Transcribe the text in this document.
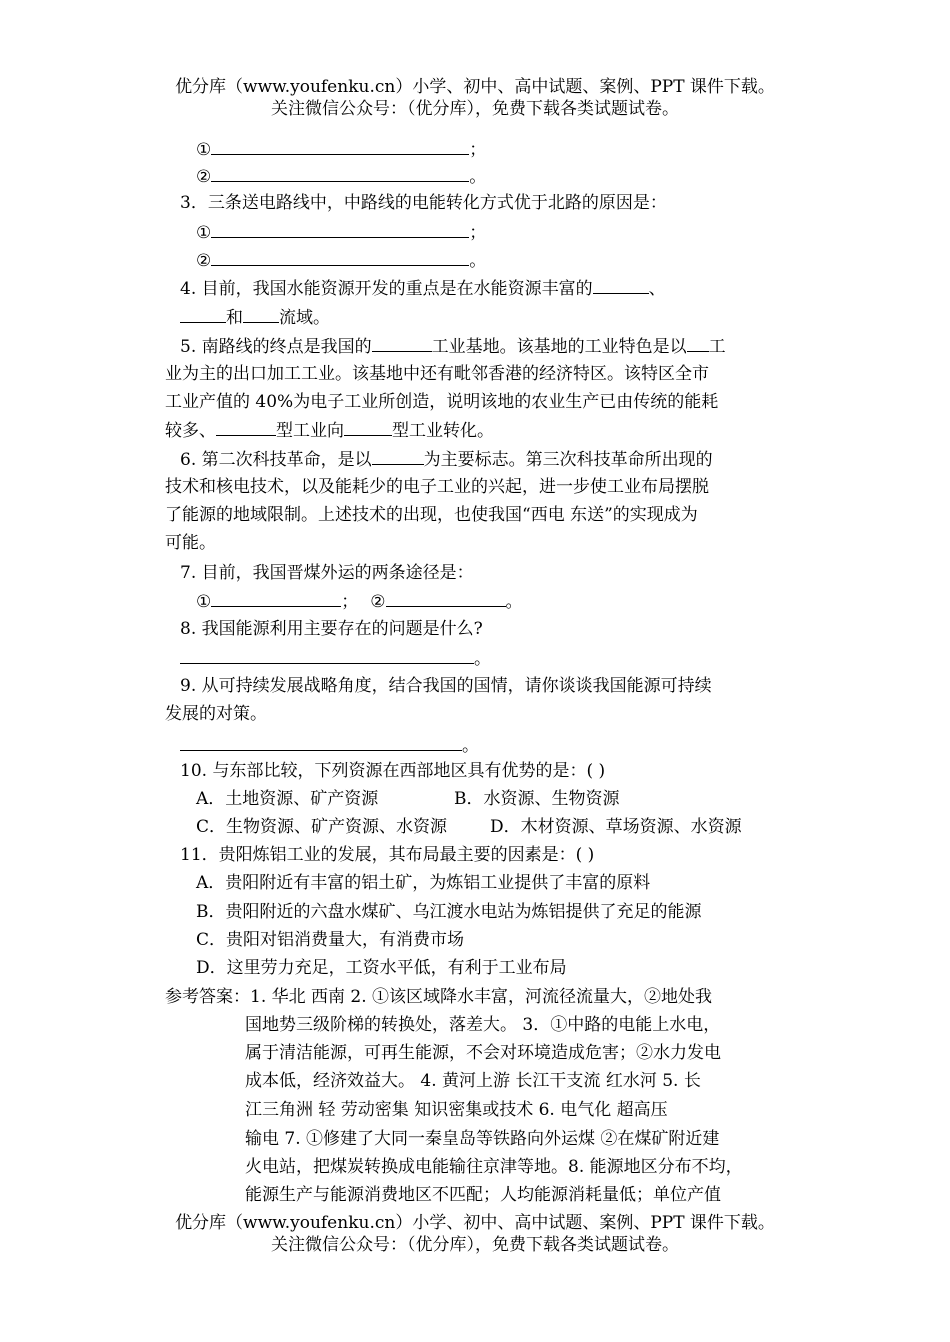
优分库（www.youfenku.cn）小学、初中、高中试题、案例、PPT 课件下载。
关注微信公众号：（优分库），免费下载各类试题试卷。
①	；
②	。
3．三条送电路线中，中路线的电能转化方式优于北路的原因是：
①	；
②	。
4. 目前，我国水能资源开发的重点是在水能资源丰富的	、
和 流域。
5. 南路线的终点是我国的	工业基地。该基地的工业特色是以 工
业为主的出口加工工业。该基地中还有毗邻香港的经济特区。该特区全市
工业产值的 40%为电子工业所创造，说明该地的农业生产已由传统的能耗
较多、	型工业向	型工业转化。
6. 第二次科技革命，是以	为主要标志。第三次科技革命所出现的
技术和核电技术，以及能耗少的电子工业的兴起，进一步使工业布局摆脱
了能源的地域限制。上述技术的出现，也使我国“西电 东送”的实现成为
可能。
7. 目前，我国晋煤外运的两条途径是：
①	； ②	。
8. 我国能源利用主要存在的问题是什么?
。
9. 从可持续发展战略角度，结合我国的国情，请你谈谈我国能源可持续
发展的对策。
。
10. 与东部比较，下列资源在西部地区具有优势的是：( )
A．土地资源、矿产资源	B．水资源、生物资源
C．生物资源、矿产资源、水资源	D．木材资源、草场资源、水资源
11．贵阳炼铝工业的发展，其布局最主要的因素是：( )
A．贵阳附近有丰富的铝土矿，为炼铝工业提供了丰富的原料
B．贵阳附近的六盘水煤矿、乌江渡水电站为炼铝提供了充足的能源
C．贵阳对铝消费量大，有消费市场
D．这里劳力充足，工资水平低，有利于工业布局
参考答案：1. 华北 西南 2. ①该区域降水丰富，河流径流量大，②地处我
国地势三级阶梯的转换处，落差大。 3．①中路的电能上水电，
属于清洁能源，可再生能源，不会对环境造成危害；②水力发电
成本低，经济效益大。 4. 黄河上游 长江干支流 红水河 5. 长
江三角洲 轻 劳动密集 知识密集或技术 6. 电气化 超高压
输电 7. ①修建了大同一秦皇岛等铁路向外运煤 ②在煤矿附近建
火电站，把煤炭转换成电能输往京津等地。8. 能源地区分布不均，
能源生产与能源消费地区不匹配；人均能源消耗量低；单位产值
优分库（www.youfenku.cn）小学、初中、高中试题、案例、PPT 课件下载。
关注微信公众号：（优分库），免费下载各类试题试卷。
